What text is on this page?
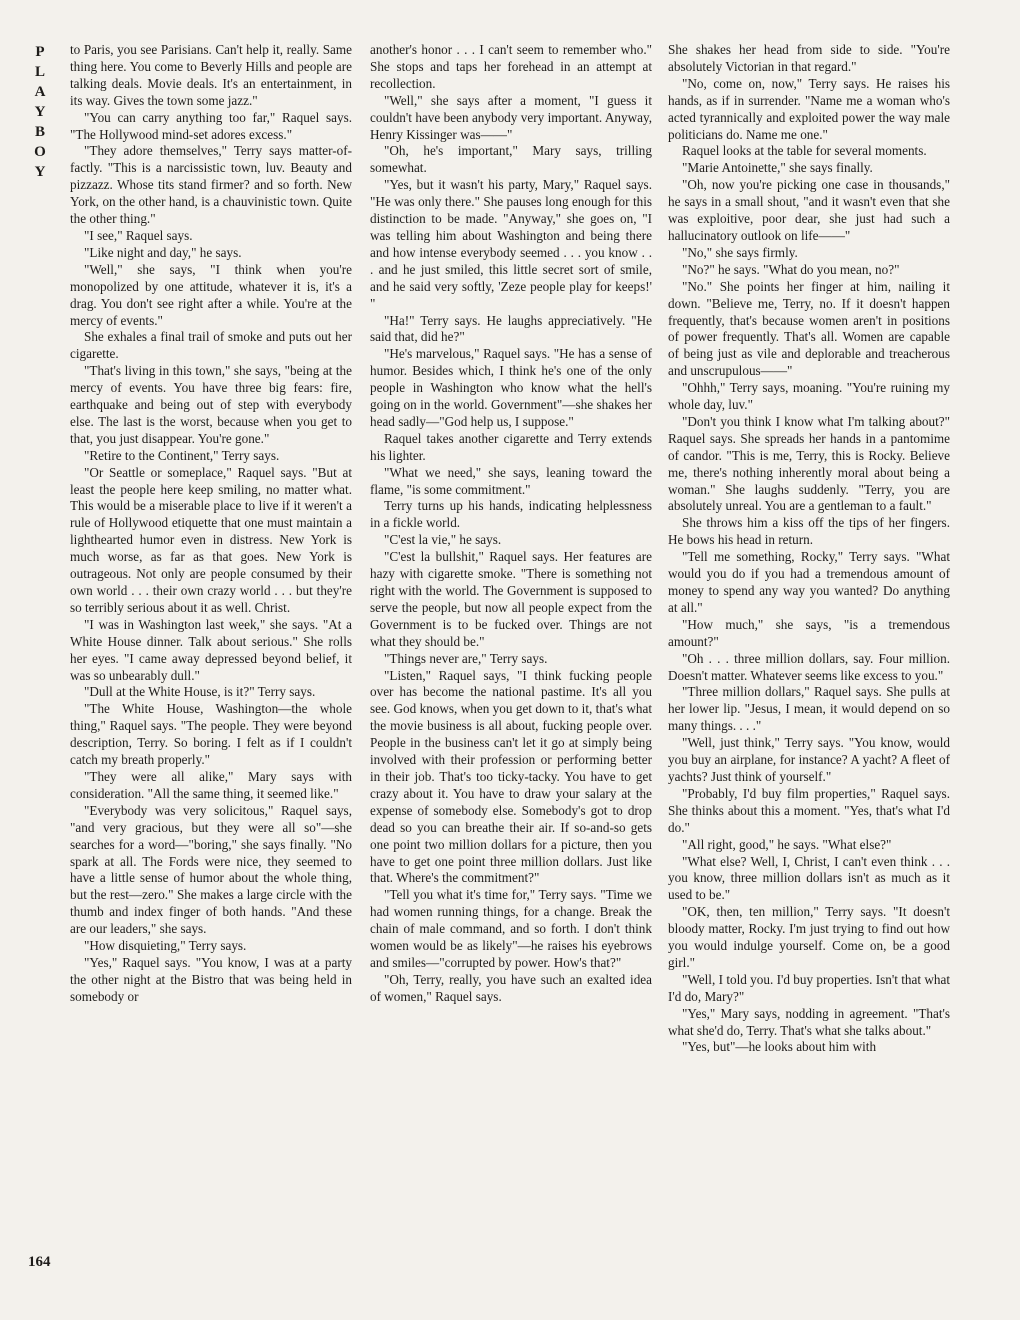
P
L
A
Y
B
O
Y
164

to Paris, you see Parisians. Can't help it, really. Same thing here. You come to Beverly Hills and people are talking deals. Movie deals. It's an entertainment, in its way. Gives the town some jazz."

"You can carry anything too far," Raquel says. "The Hollywood mind-set adores excess."

"They adore themselves," Terry says matter-of-factly. "This is a narcissistic town, luv. Beauty and pizzazz. Whose tits stand firmer? and so forth. New York, on the other hand, is a chauvinistic town. Quite the other thing."

"I see," Raquel says.

"Like night and day," he says.

"Well," she says, "I think when you're monopolized by one attitude, whatever it is, it's a drag. You don't see right after a while. You're at the mercy of events."

She exhales a final trail of smoke and puts out her cigarette.

"That's living in this town," she says, "being at the mercy of events. You have three big fears: fire, earthquake and being out of step with everybody else. The last is the worst, because when you get to that, you just disappear. You're gone."

"Retire to the Continent," Terry says.

"Or Seattle or someplace," Raquel says. "But at least the people here keep smiling, no matter what. This would be a miserable place to live if it weren't a rule of Hollywood etiquette that one must maintain a lighthearted humor even in distress. New York is much worse, as far as that goes. New York is outrageous. Not only are people consumed by their own world . . . their own crazy world . . . but they're so terribly serious about it as well. Christ.

"I was in Washington last week," she says. "At a White House dinner. Talk about serious." She rolls her eyes. "I came away depressed beyond belief, it was so unbearably dull."

"Dull at the White House, is it?" Terry says.

"The White House, Washington—the whole thing," Raquel says. "The people. They were beyond description, Terry. So boring. I felt as if I couldn't catch my breath properly."

"They were all alike," Mary says with consideration. "All the same thing, it seemed like."

"Everybody was very solicitous," Raquel says, "and very gracious, but they were all so"—she searches for a word—"boring," she says finally. "No spark at all. The Fords were nice, they seemed to have a little sense of humor about the whole thing, but the rest—zero." She makes a large circle with the thumb and index finger of both hands. "And these are our leaders," she says.

"How disquieting," Terry says.

"Yes," Raquel says. "You know, I was at a party the other night at the Bistro that was being held in somebody or

another's honor . . . I can't seem to remember who." She stops and taps her forehead in an attempt at recollection.

"Well," she says after a moment, "I guess it couldn't have been anybody very important. Anyway, Henry Kissinger was——"

"Oh, he's important," Mary says, trilling somewhat.

"Yes, but it wasn't his party, Mary," Raquel says. "He was only there." She pauses long enough for this distinction to be made. "Anyway," she goes on, "I was telling him about Washington and being there and how intense everybody seemed . . . you know . . . and he just smiled, this little secret sort of smile, and he said very softly, 'Zeze people play for keeps!' "

"Ha!" Terry says. He laughs appreciatively. "He said that, did he?"

"He's marvelous," Raquel says. "He has a sense of humor. Besides which, I think he's one of the only people in Washington who know what the hell's going on in the world. Government"—she shakes her head sadly—"God help us, I suppose."

Raquel takes another cigarette and Terry extends his lighter.

"What we need," she says, leaning toward the flame, "is some commitment."

Terry turns up his hands, indicating helplessness in a fickle world.

"C'est la vie," he says.

"C'est la bullshit," Raquel says. Her features are hazy with cigarette smoke. "There is something not right with the world. The Government is supposed to serve the people, but now all people expect from the Government is to be fucked over. Things are not what they should be."

"Things never are," Terry says.

"Listen," Raquel says, "I think fucking people over has become the national pastime. It's all you see. God knows, when you get down to it, that's what the movie business is all about, fucking people over. People in the business can't let it go at simply being involved with their profession or performing better in their job. That's too ticky-tacky. You have to get crazy about it. You have to draw your salary at the expense of somebody else. Somebody's got to drop dead so you can breathe their air. If so-and-so gets one point two million dollars for a picture, then you have to get one point three million dollars. Just like that. Where's the commitment?"

"Tell you what it's time for," Terry says. "Time we had women running things, for a change. Break the chain of male command, and so forth. I don't think women would be as likely"—he raises his eyebrows and smiles—"corrupted by power. How's that?"

"Oh, Terry, really, you have such an exalted idea of women," Raquel says.

She shakes her head from side to side. "You're absolutely Victorian in that regard."

"No, come on, now," Terry says. He raises his hands, as if in surrender. "Name me a woman who's acted tyrannically and exploited power the way male politicians do. Name me one."

Raquel looks at the table for several moments.

"Marie Antoinette," she says finally.

"Oh, now you're picking one case in thousands," he says in a small shout, "and it wasn't even that she was exploitive, poor dear, she just had such a hallucinatory outlook on life——"

"No," she says firmly.

"No?" he says. "What do you mean, no?"

"No." She points her finger at him, nailing it down. "Believe me, Terry, no. If it doesn't happen frequently, that's because women aren't in positions of power frequently. That's all. Women are capable of being just as vile and deplorable and treacherous and unscrupulous——"

"Ohhh," Terry says, moaning. "You're ruining my whole day, luv."

"Don't you think I know what I'm talking about?" Raquel says. She spreads her hands in a pantomime of candor. "This is me, Terry, this is Rocky. Believe me, there's nothing inherently moral about being a woman." She laughs suddenly. "Terry, you are absolutely unreal. You are a gentleman to a fault."

She throws him a kiss off the tips of her fingers. He bows his head in return.

"Tell me something, Rocky," Terry says. "What would you do if you had a tremendous amount of money to spend any way you wanted? Do anything at all."

"How much," she says, "is a tremendous amount?"

"Oh . . . three million dollars, say. Four million. Doesn't matter. Whatever seems like excess to you."

"Three million dollars," Raquel says. She pulls at her lower lip. "Jesus, I mean, it would depend on so many things. . . ."

"Well, just think," Terry says. "You know, would you buy an airplane, for instance? A yacht? A fleet of yachts? Just think of yourself."

"Probably, I'd buy film properties," Raquel says. She thinks about this a moment. "Yes, that's what I'd do."

"All right, good," he says. "What else?"

"What else? Well, I, Christ, I can't even think . . . you know, three million dollars isn't as much as it used to be."

"OK, then, ten million," Terry says. "It doesn't bloody matter, Rocky. I'm just trying to find out how you would indulge yourself. Come on, be a good girl."

"Well, I told you. I'd buy properties. Isn't that what I'd do, Mary?"

"Yes," Mary says, nodding in agreement. "That's what she'd do, Terry. That's what she talks about."

"Yes, but"—he looks about him with
